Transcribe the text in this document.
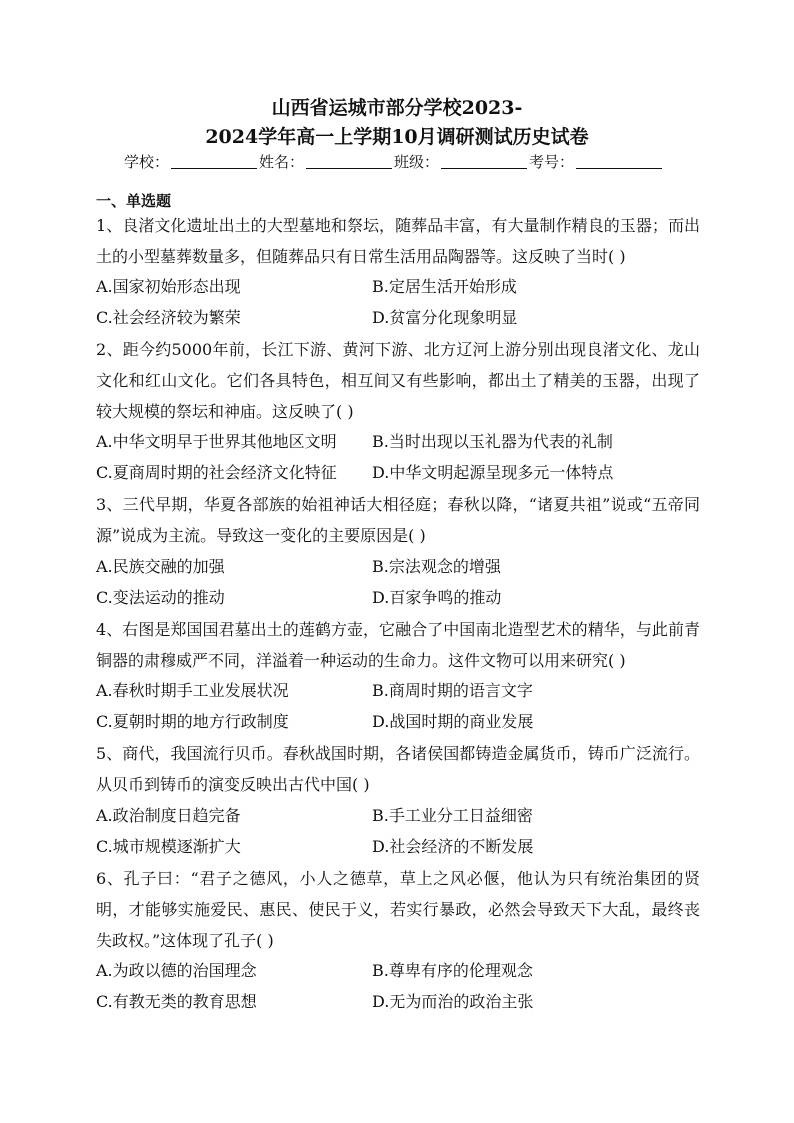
山西省运城市部分学校2023-
2024学年高一上学期10月调研测试历史试卷
学校：	姓名：	班级：	考号：
一、单选题
1、良渚文化遗址出土的大型墓地和祭坛，随葬品丰富，有大量制作精良的玉器；而出土的小型墓葬数量多，但随葬品只有日常生活用品陶器等。这反映了当时( )
A.国家初始形态出现	B.定居生活开始形成
C.社会经济较为繁荣	D.贫富分化现象明显
2、距今约5000年前，长江下游、黄河下游、北方辽河上游分别出现良渚文化、龙山文化和红山文化。它们各具特色，相互间又有些影响，都出土了精美的玉器，出现了较大规模的祭坛和神庙。这反映了( )
A.中华文明早于世界其他地区文明 B.当时出现以玉礼器为代表的礼制
C.夏商周时期的社会经济文化特征 D.中华文明起源呈现多元一体特点
3、三代早期，华夏各部族的始祖神话大相径庭；春秋以降，“诸夏共祖”说或“五帝同源”说成为主流。导致这一变化的主要原因是( )
A.民族交融的加强	B.宗法观念的增强
C.变法运动的推动	D.百家争鸣的推动
4、右图是郑国国君墓出土的莲鹤方壶，它融合了中国南北造型艺术的精华，与此前青铜器的肃穆威严不同，洋溢着一种运动的生命力。这件文物可以用来研究( )
A.春秋时期手工业发展状况	B.商周时期的语言文字
C.夏朝时期的地方行政制度	D.战国时期的商业发展
5、商代，我国流行贝币。春秋战国时期，各诸侯国都铸造金属货币，铸币广泛流行。从贝币到铸币的演变反映出古代中国( )
A.政治制度日趋完备	B.手工业分工日益细密
C.城市规模逐渐扩大	D.社会经济的不断发展
6、孔子曰：“君子之德风，小人之德草，草上之风必偃，他认为只有统治集团的贤明，才能够实施爱民、惠民、使民于义，若实行暴政，必然会导致天下大乱，最终丧失政权。”这体现了孔子( )
A.为政以德的治国理念	B.尊卑有序的伦理观念
C.有教无类的教育思想	D.无为而治的政治主张
